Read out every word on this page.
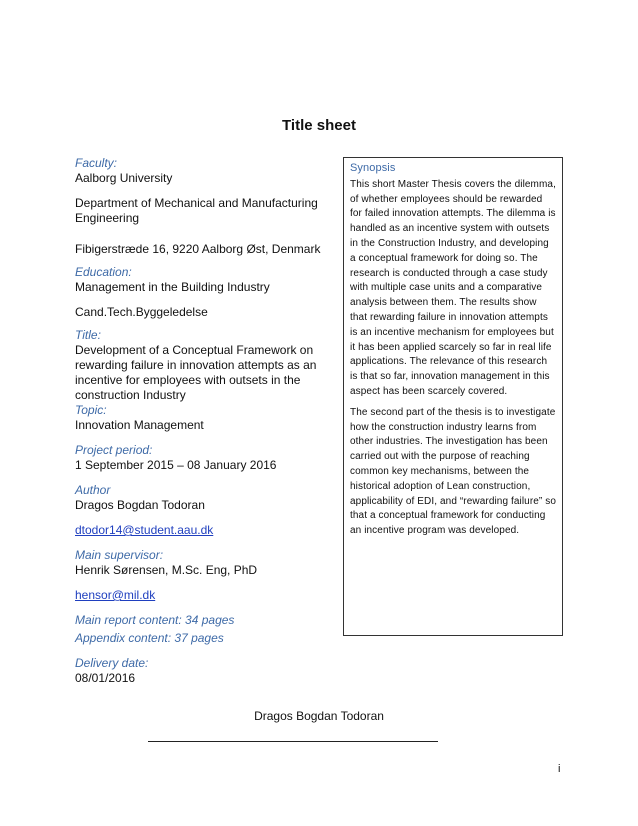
Title sheet
Faculty:
Aalborg University
Department of Mechanical and Manufacturing Engineering
Fibigerstræde 16, 9220 Aalborg Øst, Denmark
Education:
Management in the Building Industry
Cand.Tech.Byggeledelse
Title:
Development of a Conceptual Framework on rewarding failure in innovation attempts as an incentive for employees with outsets in the construction Industry
Topic:
Innovation Management
Project period:
1 September 2015 – 08 January 2016
Author
Dragos Bogdan Todoran
dtodor14@student.aau.dk
Main supervisor:
Henrik Sørensen, M.Sc. Eng, PhD
hensor@mil.dk
Main report content: 34 pages
Appendix content: 37 pages
Delivery date:
08/01/2016
Synopsis

This short Master Thesis covers the dilemma, of whether employees should be rewarded for failed innovation attempts. The dilemma is handled as an incentive system with outsets in the Construction Industry, and developing a conceptual framework for doing so. The research is conducted through a case study with multiple case units and a comparative analysis between them. The results show that rewarding failure in innovation attempts is an incentive mechanism for employees but it has been applied scarcely so far in real life applications. The relevance of this research is that so far, innovation management in this aspect has been scarcely covered.

The second part of the thesis is to investigate how the construction industry learns from other industries. The investigation has been carried out with the purpose of reaching common key mechanisms, between the historical adoption of Lean construction, applicability of EDI, and “rewarding failure” so that a conceptual framework for conducting an incentive program was developed.

Dragos Bogdan Todoran
i
